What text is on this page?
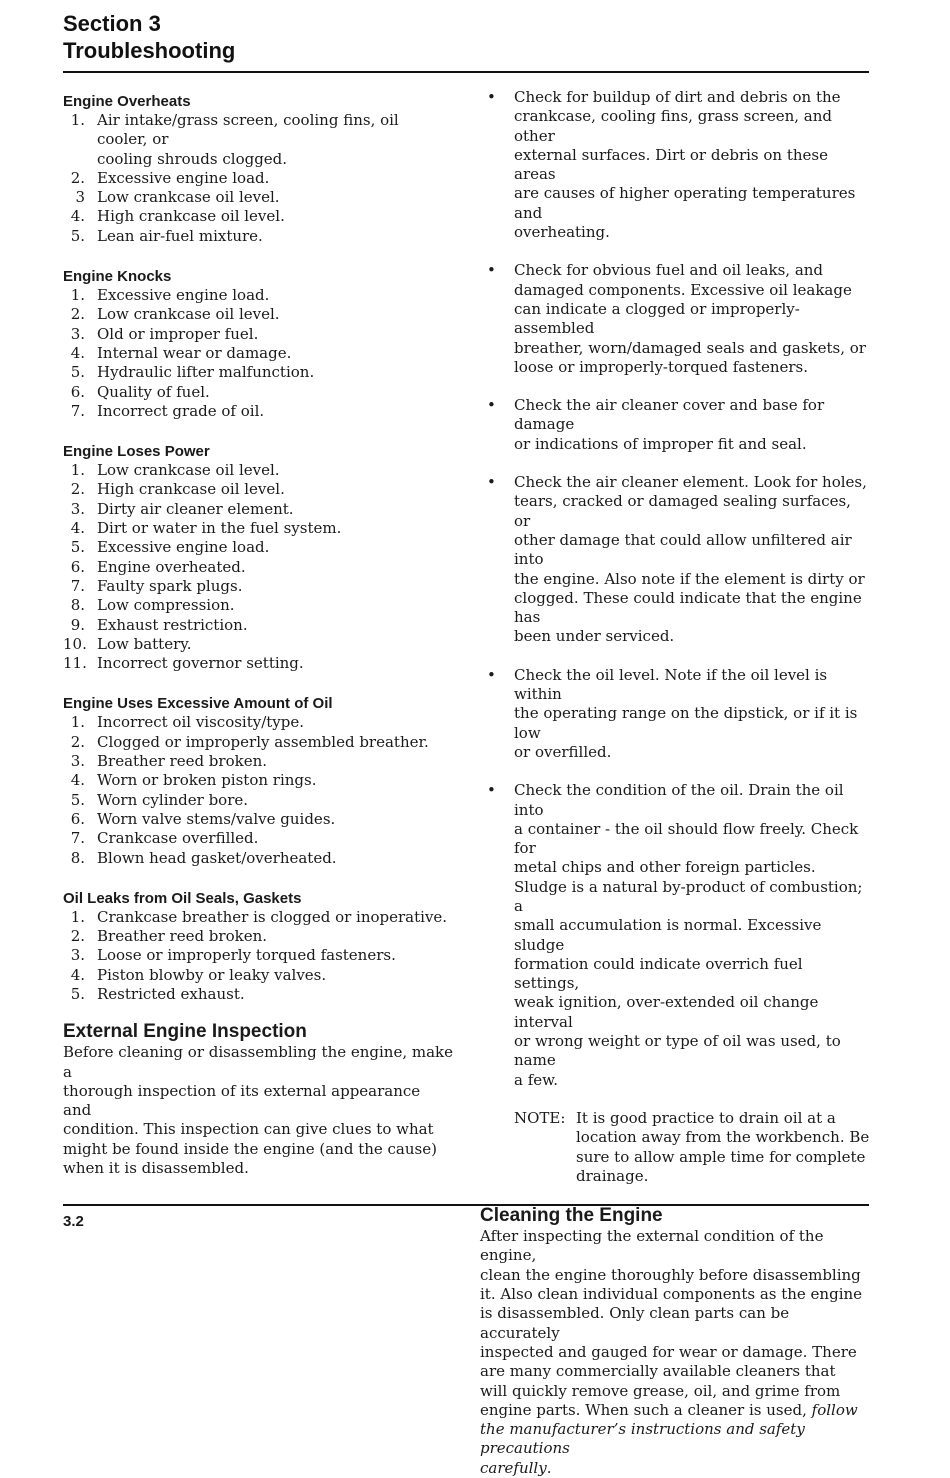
Section 3
Troubleshooting
Engine Overheats
1. Air intake/grass screen, cooling fins, oil cooler, or
cooling shrouds clogged.
2. Excessive engine load.
3 Low crankcase oil level.
4. High crankcase oil level.
5. Lean air-fuel mixture.
Engine Knocks
1. Excessive engine load.
2. Low crankcase oil level.
3. Old or improper fuel.
4. Internal wear or damage.
5. Hydraulic lifter malfunction.
6. Quality of fuel.
7. Incorrect grade of oil.
Engine Loses Power
1. Low crankcase oil level.
2. High crankcase oil level.
3. Dirty air cleaner element.
4. Dirt or water in the fuel system.
5. Excessive engine load.
6. Engine overheated.
7. Faulty spark plugs.
8. Low compression.
9. Exhaust restriction.
10. Low battery.
11. Incorrect governor setting.
Engine Uses Excessive Amount of Oil
1. Incorrect oil viscosity/type.
2. Clogged or improperly assembled breather.
3. Breather reed broken.
4. Worn or broken piston rings.
5. Worn cylinder bore.
6. Worn valve stems/valve guides.
7. Crankcase overfilled.
8. Blown head gasket/overheated.
Oil Leaks from Oil Seals, Gaskets
1. Crankcase breather is clogged or inoperative.
2. Breather reed broken.
3. Loose or improperly torqued fasteners.
4. Piston blowby or leaky valves.
5. Restricted exhaust.
External Engine Inspection
Before cleaning or disassembling the engine, make a
thorough inspection of its external appearance and
condition. This inspection can give clues to what
might be found inside the engine (and the cause)
when it is disassembled.
• Check for buildup of dirt and debris on the
crankcase, cooling fins, grass screen, and other
external surfaces. Dirt or debris on these areas
are causes of higher operating temperatures and
overheating.
• Check for obvious fuel and oil leaks, and
damaged components. Excessive oil leakage
can indicate a clogged or improperly-assembled
breather, worn/damaged seals and gaskets, or
loose or improperly-torqued fasteners.
• Check the air cleaner cover and base for damage
or indications of improper fit and seal.
• Check the air cleaner element. Look for holes,
tears, cracked or damaged sealing surfaces, or
other damage that could allow unfiltered air into
the engine. Also note if the element is dirty or
clogged. These could indicate that the engine has
been under serviced.
• Check the oil level. Note if the oil level is within
the operating range on the dipstick, or if it is low
or overfilled.
• Check the condition of the oil. Drain the oil into
a container - the oil should flow freely. Check for
metal chips and other foreign particles.
Sludge is a natural by-product of combustion; a
small accumulation is normal. Excessive sludge
formation could indicate overrich fuel settings,
weak ignition, over-extended oil change interval
or wrong weight or type of oil was used, to name
a few.
NOTE: It is good practice to drain oil at a
location away from the workbench. Be
sure to allow ample time for complete
drainage.
Cleaning the Engine
After inspecting the external condition of the engine,
clean the engine thoroughly before disassembling
it. Also clean individual components as the engine
is disassembled. Only clean parts can be accurately
inspected and gauged for wear or damage. There
are many commercially available cleaners that
will quickly remove grease, oil, and grime from
engine parts. When such a cleaner is used, follow
the manufacturer’s instructions and safety precautions
carefully.
3.2
